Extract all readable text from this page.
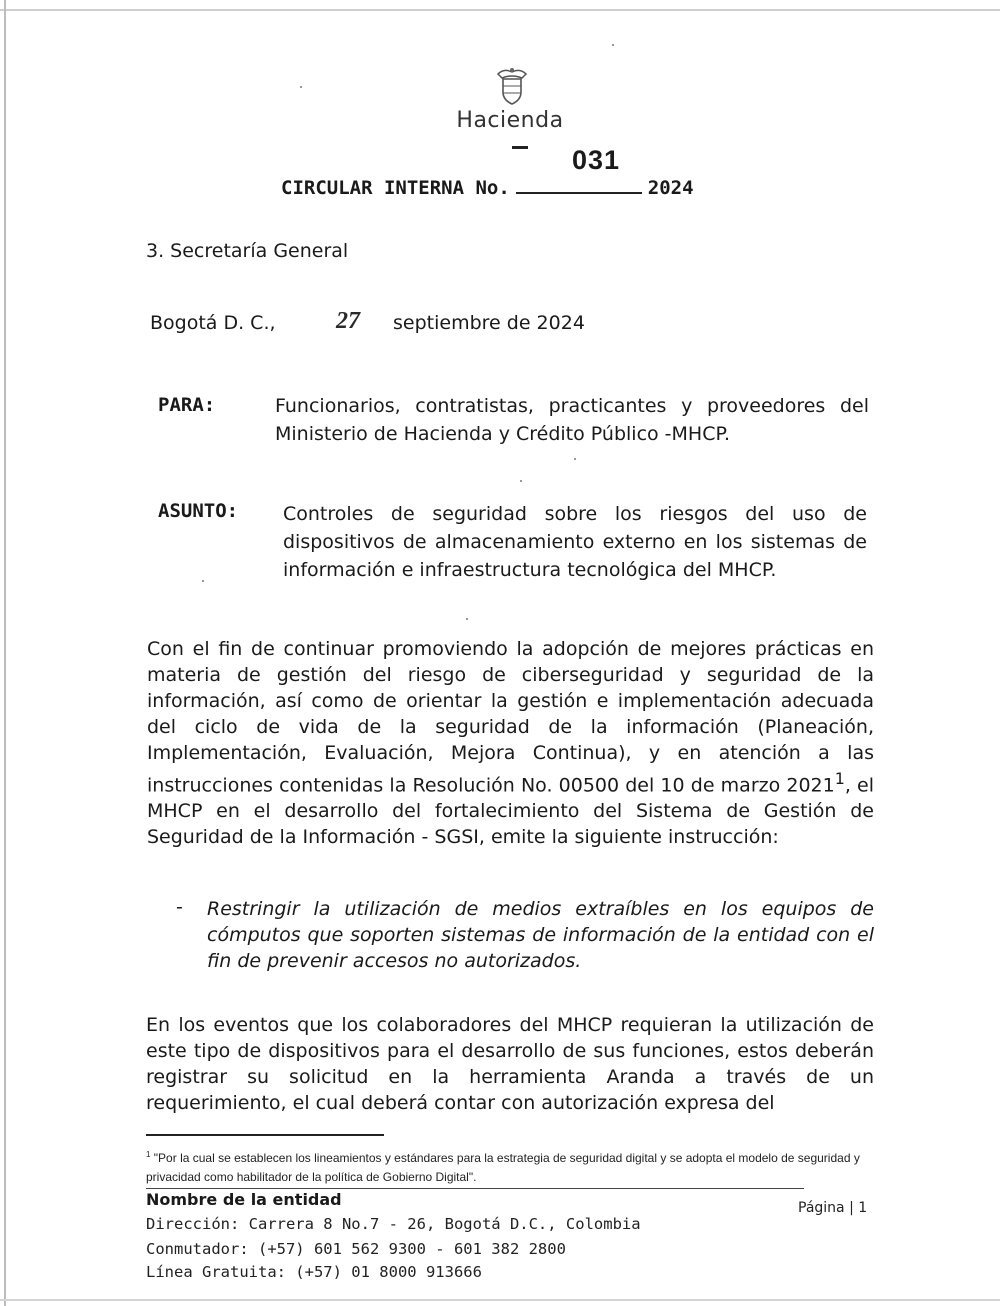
Hacienda
031
CIRCULAR INTERNA No.	2024
3. Secretaría General
Bogotá D. C.,	27 septiembre de 2024
PARA:	Funcionarios, contratistas, practicantes y proveedores del Ministerio de Hacienda y Crédito Público -MHCP.
ASUNTO: Controles de seguridad sobre los riesgos del uso de dispositivos de almacenamiento externo en los sistemas de información e infraestructura tecnológica del MHCP.
Con el fin de continuar promoviendo la adopción de mejores prácticas en materia de gestión del riesgo de ciberseguridad y seguridad de la información, así como de orientar la gestión e implementación adecuada del ciclo de vida de la seguridad de la información (Planeación, Implementación, Evaluación, Mejora Continua), y en atención a las instrucciones contenidas la Resolución No. 00500 del 10 de marzo 2021$^1$, el MHCP en el desarrollo del fortalecimiento del Sistema de Gestión de Seguridad de la Información - SGSI, emite la siguiente instrucción:
- Restringir la utilización de medios extraíbles en los equipos de cómputos que soporten sistemas de información de la entidad con el fin de prevenir accesos no autorizados.
En los eventos que los colaboradores del MHCP requieran la utilización de este tipo de dispositivos para el desarrollo de sus funciones, estos deberán registrar su solicitud en la herramienta Aranda a través de un requerimiento, el cual deberá contar con autorización expresa del
$^1$ "Por la cual se establecen los lineamientos y estándares para la estrategia de seguridad digital y se adopta el modelo de seguridad y privacidad como habilitador de la política de Gobierno Digital".
Nombre de la entidad
Dirección: Carrera 8 No.7 - 26, Bogotá D.C., Colombia
Conmutador: (+57) 601 562 9300 - 601 382 2800
Línea Gratuita: (+57) 01 8000 913666
Página | 1
